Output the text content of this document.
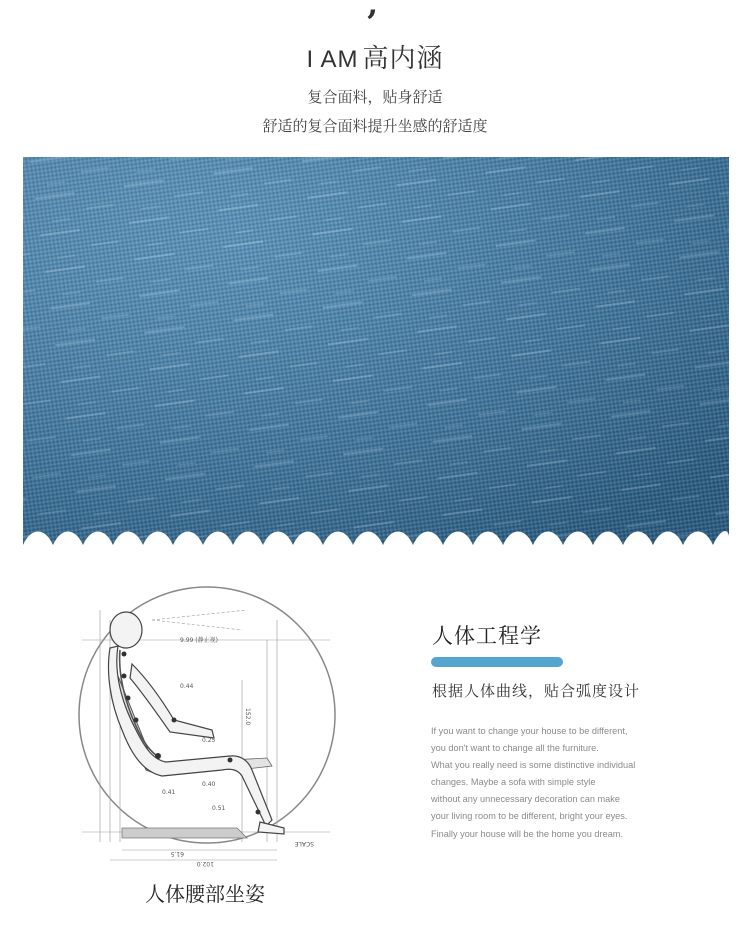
’
I AM 高内涵
复合面料，贴身舒适
舒适的复合面料提升坐感的舒适度
9.99 (静止视)
0.44
0.25
0.41
0.40
0.51
152.0
SCALE
61.5
102.0
人体腰部坐姿
人体工程学
根据人体曲线，贴合弧度设计
If you want to change your house to be different,
you don't want to change all the furniture.
What you really need is some distinctive individual
changes. Maybe a sofa with simple style
without any unnecessary decoration can make
your living room to be different, bright your eyes.
Finally your house will be the home you dream.
